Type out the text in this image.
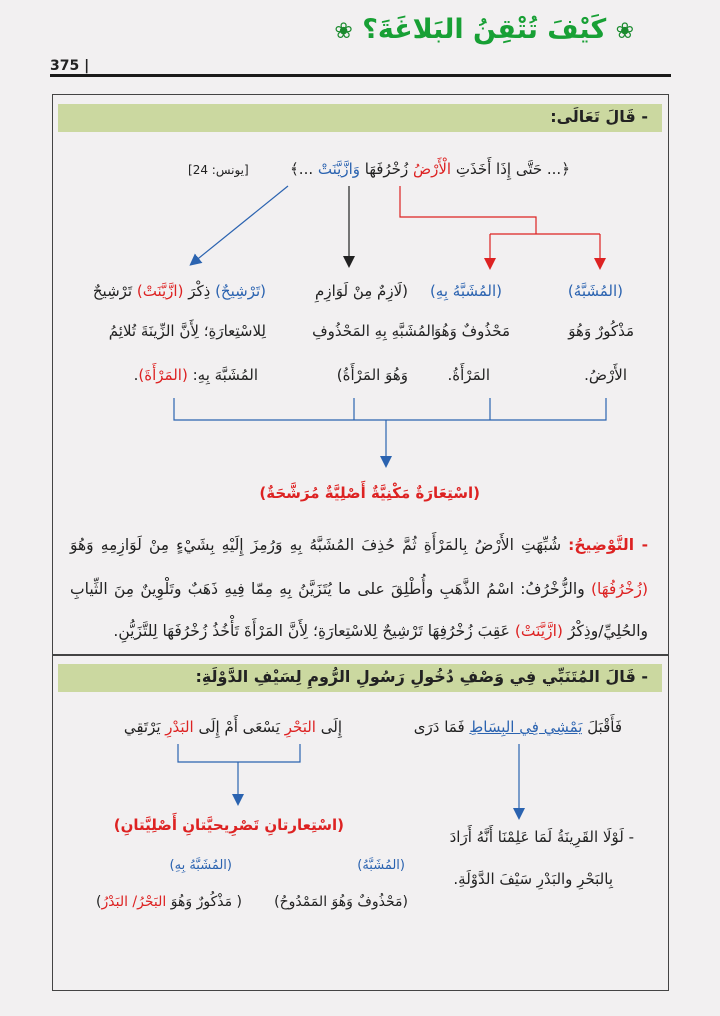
❀ كَيْفَ تُتْقِنُ البَلاغَةَ؟ ❀
375 |
- قَالَ تَعَالَى:
﴿... حَتَّى إِذَا أَخَذَتِ الْأَرْضُ زُخْرُفَهَا وَازَّيَّنَتْ ...﴾
[يونس: 24]
(المُشَبَّهُ)
مَذْكُورٌ وَهُوَ
الأَرْضُ.
(المُشَبَّهُ بِهِ)
مَحْذُوفٌ وَهُوَ
المَرْأَةُ.
(لَازِمٌ مِنْ لَوَازِمِ
المُشَبَّهِ بِهِ المَحْذُوفِ
وَهُوَ المَرْأَةُ)
(تَرْشِيحٌ) ذِكْرَ (ازَّيَّنَتْ) تَرْشِيحٌ
لِلاسْتِعارَةِ؛ لِأَنَّ الزِّينَةَ تُلائِمُ
المُشَبَّهَ بِهِ: (المَرْأَةَ).
(اسْتِعَارَةٌ مَكْنِيَّةٌ أَصْلِيَّةٌ مُرَشَّحَةٌ)
- التَّوْضِيحُ: شُبِّهَتِ الأَرْضُ بِالمَرْأَةِ ثُمَّ حُذِفَ المُشَبَّهُ بِهِ وَرُمِزَ إِلَيْهِ بِشَيْءٍ مِنْ لَوَازِمِهِ وَهُوَ
(زُخْرُفُهَا) والزُّخْرُفُ: اسْمُ الذَّهَبِ وأُطْلِقَ على ما يُتَزَيَّنُ بِهِ مِمّا فِيهِ ذَهَبٌ وتَلْوِينٌ مِنَ الثِّيابِ
والحُلِيِّ/وذِكْرُ (ازَّيَّنَتْ) عَقِبَ زُخْرُفِهَا تَرْشِيحٌ لِلاسْتِعارَةِ؛ لِأَنَّ المَرْأَةَ تَأْخُذُ زُخْرُفَهَا لِلتَّزَيُّنِ.
- قَالَ المُتَنَبِّي فِي وَصْفِ دُخُولِ رَسُولِ الرُّومِ لِسَيْفِ الدَّوْلَةِ:
فَأَقْبَلَ يَمْشِي فِي البِسَاطِ فَمَا دَرَى
إِلَى البَحْرِ يَسْعَى أَمْ إِلَى البَدْرِ يَرْتَقِي
- لَوْلَا القَرِينَةُ لَمَا عَلِمْنَا أَنَّهُ أَرَادَ
بِالبَحْرِ والبَدْرِ سَيْفَ الدَّوْلَةِ.
(اسْتِعارتانِ تَصْرِيحيَّتانِ أَصْلِيَّتانِ)
(المُشَبَّهُ)
(مَحْذُوفٌ وَهُوَ المَمْدُوحُ)
(المُشَبَّهُ بِهِ)
( مَذْكُورٌ وَهُوَ البَحْرُ/ البَدْرُ)
